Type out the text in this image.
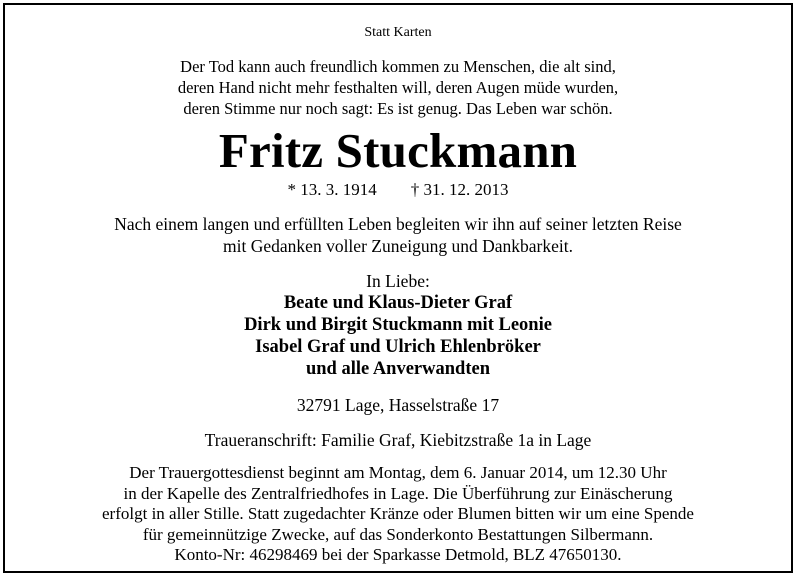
Statt Karten
Der Tod kann auch freundlich kommen zu Menschen, die alt sind,
deren Hand nicht mehr festhalten will, deren Augen müde wurden,
deren Stimme nur noch sagt: Es ist genug. Das Leben war schön.
Fritz Stuckmann
* 13. 3. 1914 † 31. 12. 2013
Nach einem langen und erfüllten Leben begleiten wir ihn auf seiner letzten Reise
mit Gedanken voller Zuneigung und Dankbarkeit.
In Liebe:
Beate und Klaus-Dieter Graf
Dirk und Birgit Stuckmann mit Leonie
Isabel Graf und Ulrich Ehlenbröker
und alle Anverwandten
32791 Lage, Hasselstraße 17
Traueranschrift: Familie Graf, Kiebitzstraße 1a in Lage
Der Trauergottesdienst beginnt am Montag, dem 6. Januar 2014, um 12.30 Uhr
in der Kapelle des Zentralfriedhofes in Lage. Die Überführung zur Einäscherung
erfolgt in aller Stille. Statt zugedachter Kränze oder Blumen bitten wir um eine Spende
für gemeinnützige Zwecke, auf das Sonderkonto Bestattungen Silbermann.
Konto-Nr: 46298469 bei der Sparkasse Detmold, BLZ 47650130.
